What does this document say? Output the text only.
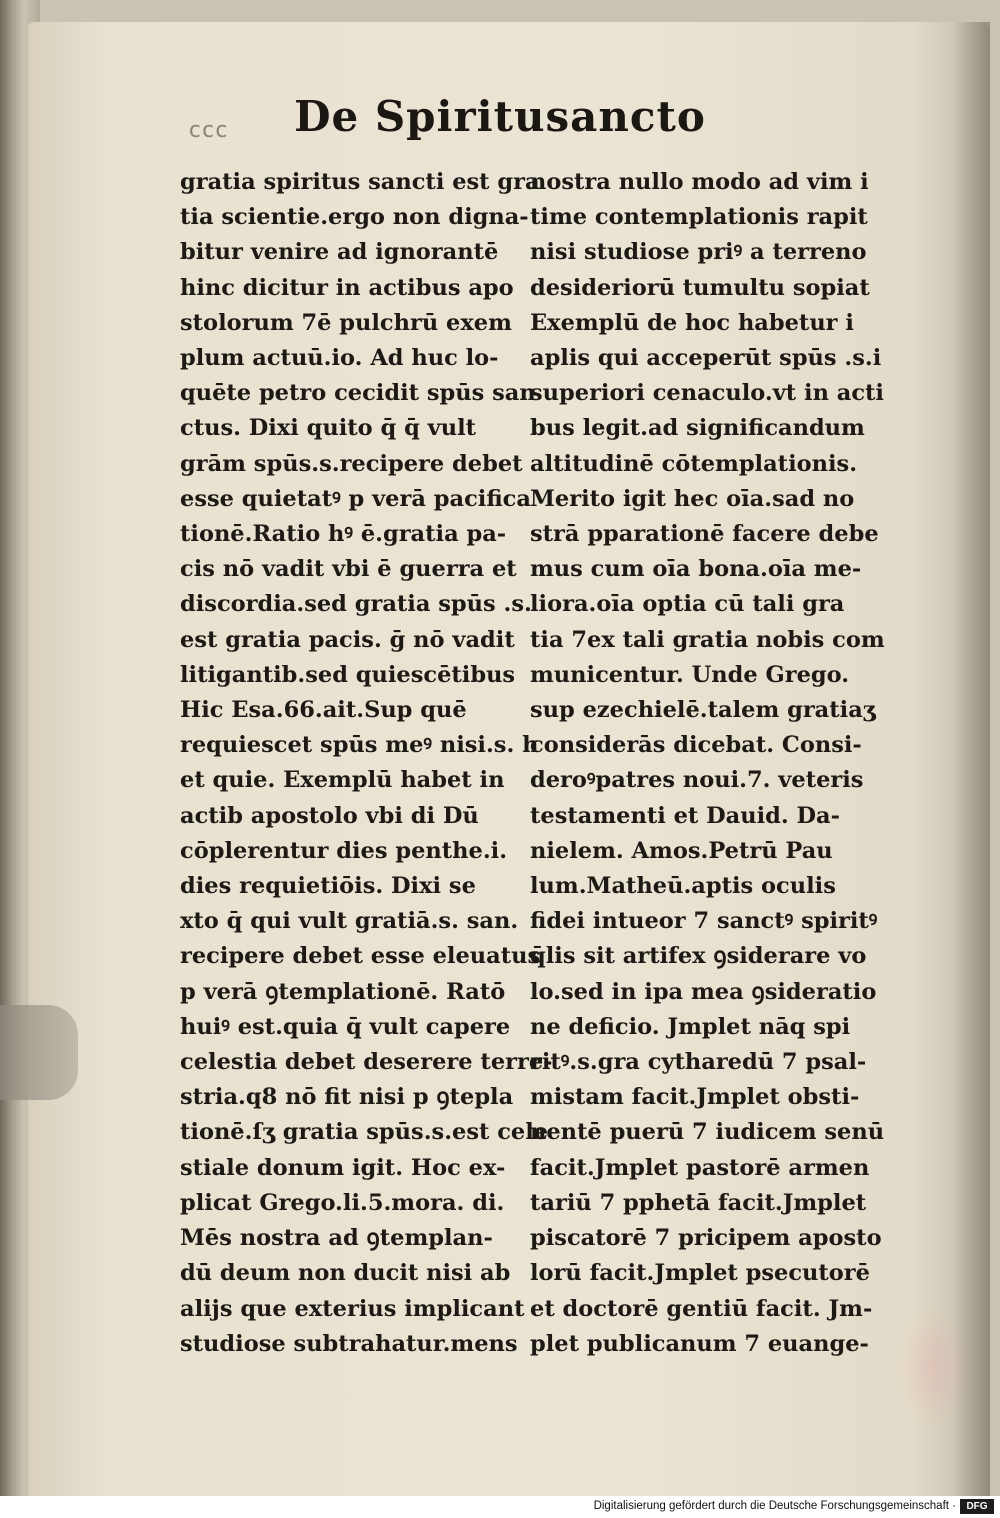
ccc	De Spiritusancto
gratia spiritus sancti est gra
tia scientie.ergo non digna-
bitur venire ad ignorantē
hinc dicitur in actibus apo
stolorum 7ē pulchrū exem
plum actuū.io. Ad huc lo-
quēte petro cecidit spūs san
ctus. Dixi quito q̄ q̄ vult
grām spūs.s.recipere debet
esse quietatꝰ p verā pacifica
tionē.Ratio hꝰ ē.gratia pa-
cis nō vadit vbi ē guerra et
discordia.sed gratia spūs .s.
est gratia pacis. ḡ nō vadit
litigantib.sed quiescētibus
Hic Esa.66.ait.Sup quē
requiescet spūs meꝰ nisi.s. h
et quie. Exemplū habet in
actib apostolo vbi di Dū
cōplerentur dies penthe.i.
dies requietiōis. Dixi se
xto q̄ qui vult gratiā.s. san.
recipere debet esse eleuatus
p verā ꝯtemplationē. Ratō
huiꝰ est.quia q̄ vult capere
celestia debet deserere terre-
stria.q8 nō fit nisi p ꝯtepla
tionē.ſʒ gratia spūs.s.est cele
stiale donum igit. Hoc ex-
plicat Grego.li.5.mora. di.
Mēs nostra ad ꝯtemplan-
dū deum non ducit nisi ab
alijs que exterius implicant
studiose subtrahatur.mens
nostra nullo modo ad vim i
time contemplationis rapit
nisi studiose priꝰ a terreno
desideriorū tumultu sopiat
Exemplū de hoc habetur i
aplis qui acceperūt spūs .s.i
superiori cenaculo.vt in acti
bus legit.ad significandum
altitudinē cōtemplationis.
Merito igit hec oīa.sad no
strā pparationē facere debe
mus cum oīa bona.oīa me-
liora.oīa optia cū tali gra
tia 7ex tali gratia nobis com
municentur. Unde Grego.
sup ezechielē.talem gratiaʒ
considerās dicebat. Consi-
deroꝰpatres noui.7. veteris
testamenti et Dauid. Da-
nielem. Amos.Petrū Pau
lum.Matheū.aptis oculis
fidei intueor 7 sanctꝰ spiritꝰ
q̄lis sit artifex ꝯsiderare vo
lo.sed in ipa mea ꝯsideratio
ne deficio. Jmplet nāq spi
ritꝰ.s.gra cytharedū 7 psal-
mistam facit.Jmplet obsti-
nentē puerū 7 iudicem senū
facit.Jmplet pastorē armen
tariū 7 pphetā facit.Jmplet
piscatorē 7 pricipem aposto
lorū facit.Jmplet psecutorē
et doctorē gentiū facit. Jm-
plet publicanum 7 euange-
Digitalisierung gefördert durch die Deutsche Forschungsgemeinschaft ·	DFG
